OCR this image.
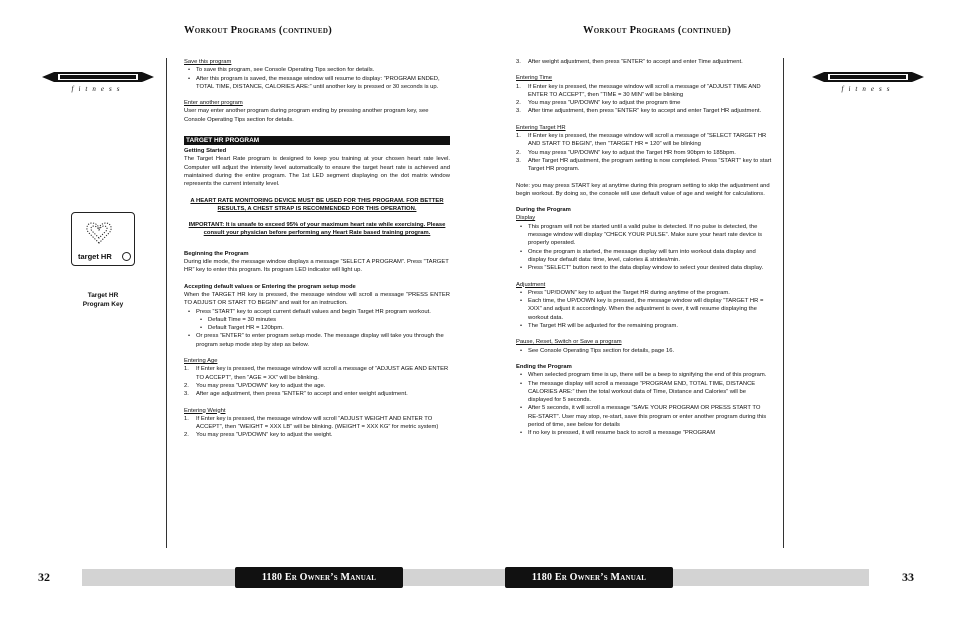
Workout Programs (continued)	Workout Programs (continued)
fitness	fitness
target HR
Target HR
Program Key

Save this program

• To save this program, see Console Operating Tips section for details.

• After this program is saved, the message window will resume to display: “PROGRAM ENDED, TOTAL TIME, DISTANCE, CALORIES ARE:” until another key is pressed or 30 seconds is up.

Enter another program

User may enter another program during program ending by pressing another program key, see Console Operating Tips section for details.

TARGET HR PROGRAM

Getting Started

The Target Heart Rate program is designed to keep you training at your chosen heart rate level. Computer will adjust the intensity level automatically to ensure the target heart rate is achieved and maintained during the entire program. The 1st LED segment displaying on the dot matrix window represents the current intensity level.

A HEART RATE MONITORING DEVICE MUST BE USED FOR THIS PROGRAM. FOR BETTER RESULTS, A CHEST STRAP IS RECOMMENDED FOR THIS OPERATION.

IMPORTANT: It is unsafe to exceed 95% of your maximum heart rate while exercising. Please consult your physician before performing any Heart Rate based training program.

Beginning the Program

During idle mode, the message window displays a message “SELECT A PROGRAM”. Press “TARGET HR” key to enter this program. Its program LED indicator will light up.

Accepting default values or Entering the program setup mode

When the TARGET HR key is pressed, the message window will scroll a message “PRESS ENTER TO ADJUST OR START TO BEGIN” and wait for an instruction.

• Press “START” key to accept current default values and begin Target HR program workout.

• Default Time = 30 minutes

• Default Target HR = 120bpm.

• Or press “ENTER” to enter program setup mode. The message display will take you through the program setup mode step by step as below.

Entering Age

1. If Enter key is pressed, the message window will scroll a message of “ADJUST AGE AND ENTER TO ACCEPT”, then “AGE = XX” will be blinking.

2. You may press “UP/DOWN” key to adjust the age.

3. After age adjustment, then press “ENTER” to accept and enter weight adjustment.

Entering Weight

1. If Enter key is pressed, the message window will scroll “ADJUST WEIGHT AND ENTER TO ACCEPT”, then “WEIGHT = XXX LB” will be blinking. (WEIGHT = XXX KG” for metric system)

2. You may press “UP/DOWN” key to adjust the weight.

3. After weight adjustment, then press “ENTER” to accept and enter Time adjustment.

Entering Time

1. If Enter key is pressed, the message window will scroll a message of “ADJUST TIME AND ENTER TO ACCEPT”, then “TIME = 30 MIN” will be blinking

2. You may press “UP/DOWN” key to adjust the program time

3. After time adjustment, then press “ENTER” key to accept and enter Target HR adjustment.

Entering Target HR

1. If Enter key is pressed, the message window will scroll a message of “SELECT TARGET HR AND START TO BEGIN”, then “TARGET HR = 120” will be blinking

2. You may press “UP/DOWN” key to adjust the Target HR from 90bpm to 185bpm.

3. After Target HR adjustment, the program setting is now completed. Press “START” key to start Target HR program.

Note: you may press START key at anytime during this program setting to skip the adjustment and begin workout. By doing so, the console will use default value of age and weight for calculations.

During the Program

Display

• This program will not be started until a valid pulse is detected. If no pulse is detected, the message window will display “CHECK YOUR PULSE”. Make sure your heart rate device is properly operated.

• Once the program is started, the message display will turn into workout data display and display four default data: time, level, calories & strides/min.

• Press “SELECT” button next to the data display window to select your desired data display.

Adjustment

• Press “UP/DOWN” key to adjust the Target HR during anytime of the program.

• Each time, the UP/DOWN key is pressed, the message window will display “TARGET HR = XXX” and adjust it accordingly. When the adjustment is over, it will resume displaying the workout data.

• The Target HR will be adjusted for the remaining program.

Pause, Reset, Switch or Save a program

• See Console Operating Tips section for details, page 16.

Ending the Program

• When selected program time is up, there will be a beep to signifying the end of this program.

• The message display will scroll a message “PROGRAM END, TOTAL TIME, DISTANCE CALORIES ARE:” then the total workout data of Time, Distance and Calories” will be displayed for 5 seconds.

• After 5 seconds, it will scroll a message “SAVE YOUR PROGRAM OR PRESS START TO RE-START”. User may stop, re-start, save this program or enter another program during this period of time, see below for details

• If no key is pressed, it will resume back to scroll a message “PROGRAM

1180 Er Owner’s Manual	1180 Er Owner’s Manual
32	33
